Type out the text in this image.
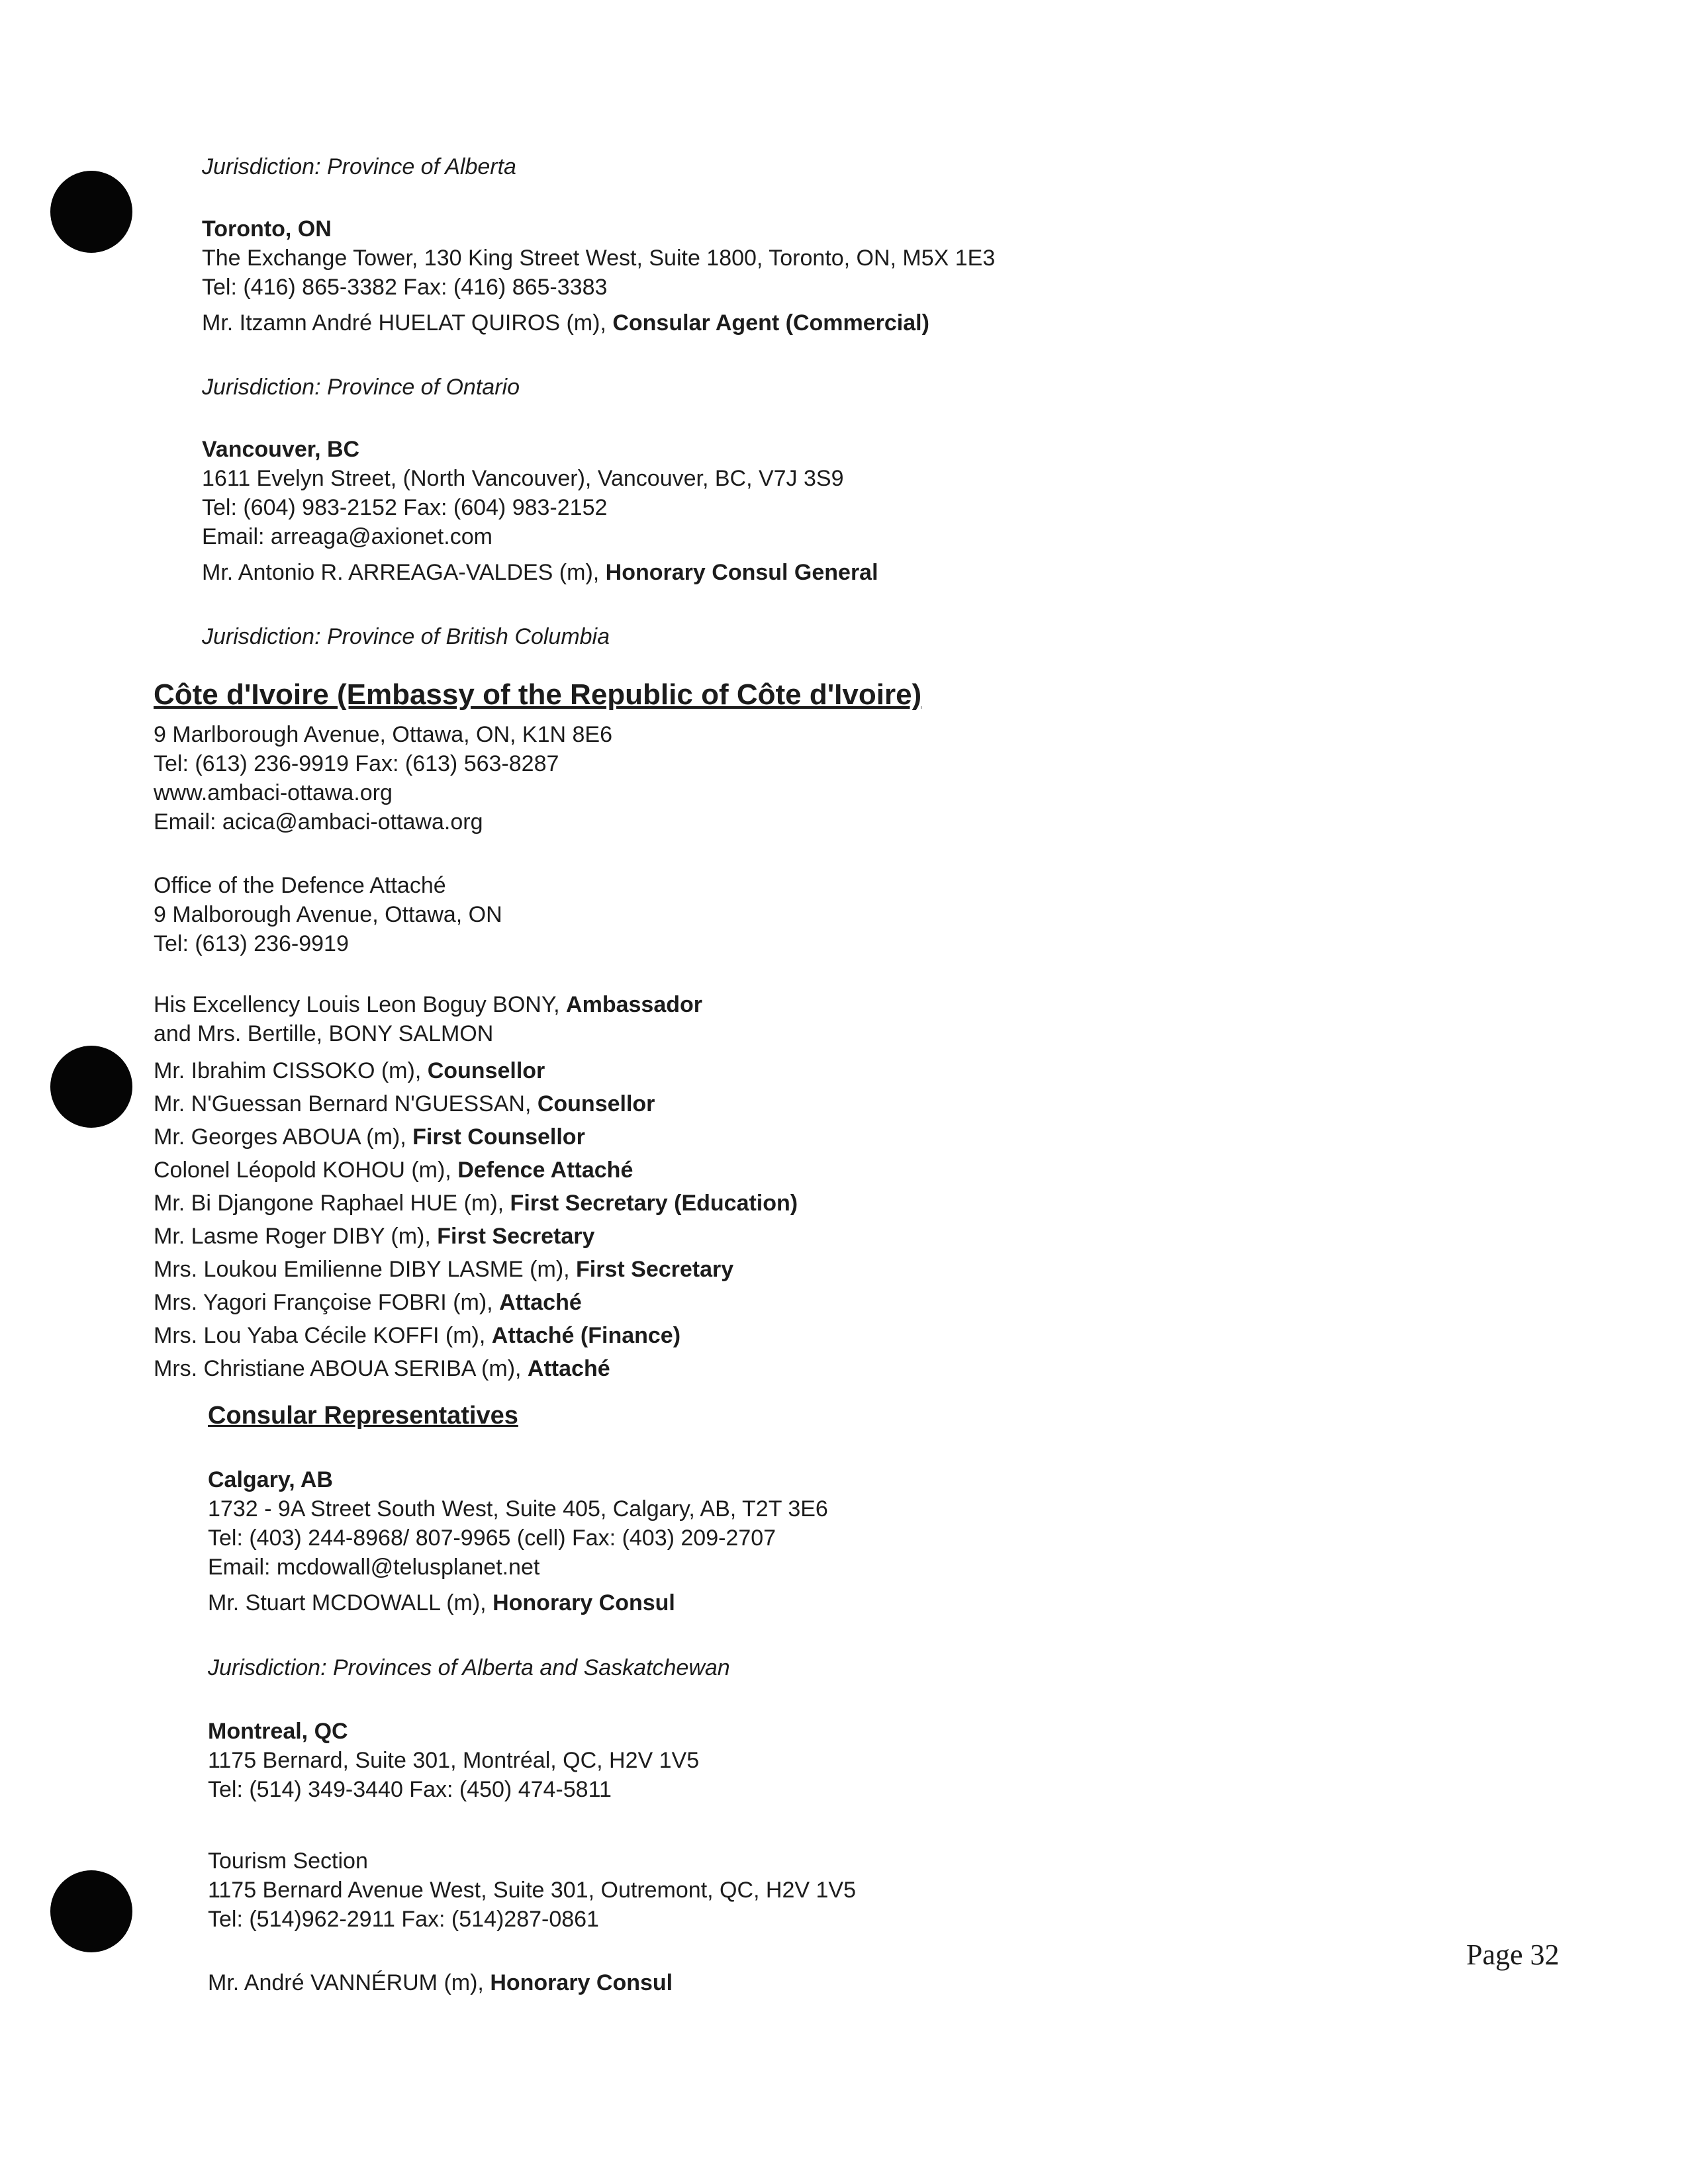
Jurisdiction: Province of Alberta
Toronto, ON
The Exchange Tower, 130 King Street West, Suite 1800, Toronto, ON, M5X 1E3
Tel: (416) 865-3382 Fax: (416) 865-3383
Mr. Itzamn André HUELAT QUIROS (m), Consular Agent (Commercial)
Jurisdiction: Province of Ontario
Vancouver, BC
1611 Evelyn Street, (North Vancouver), Vancouver, BC, V7J 3S9
Tel: (604) 983-2152 Fax: (604) 983-2152
Email: arreaga@axionet.com
Mr. Antonio R. ARREAGA-VALDES (m), Honorary Consul General
Jurisdiction: Province of British Columbia
Côte d'Ivoire (Embassy of the Republic of Côte d'Ivoire)
9 Marlborough Avenue, Ottawa, ON, K1N 8E6
Tel: (613) 236-9919 Fax: (613) 563-8287
www.ambaci-ottawa.org
Email: acica@ambaci-ottawa.org
Office of the Defence Attaché
9 Malborough Avenue, Ottawa, ON
Tel: (613) 236-9919
His Excellency Louis Leon Boguy BONY, Ambassador
and Mrs. Bertille, BONY SALMON
Mr. Ibrahim CISSOKO (m), Counsellor
Mr. N'Guessan Bernard N'GUESSAN, Counsellor
Mr. Georges ABOUA (m), First Counsellor
Colonel Léopold KOHOU (m), Defence Attaché
Mr. Bi Djangone Raphael HUE (m), First Secretary (Education)
Mr. Lasme Roger DIBY (m), First Secretary
Mrs. Loukou Emilienne DIBY LASME (m), First Secretary
Mrs. Yagori Françoise FOBRI (m), Attaché
Mrs. Lou Yaba Cécile KOFFI (m), Attaché (Finance)
Mrs. Christiane ABOUA SERIBA (m), Attaché
Consular Representatives
Calgary, AB
1732 - 9A Street South West, Suite 405, Calgary, AB, T2T 3E6
Tel: (403) 244-8968/ 807-9965 (cell) Fax: (403) 209-2707
Email: mcdowall@telusplanet.net
Mr. Stuart MCDOWALL (m), Honorary Consul
Jurisdiction: Provinces of Alberta and Saskatchewan
Montreal, QC
1175 Bernard, Suite 301, Montréal, QC, H2V 1V5
Tel: (514) 349-3440 Fax: (450) 474-5811
Tourism Section
1175 Bernard Avenue West, Suite 301, Outremont, QC, H2V 1V5
Tel: (514)962-2911 Fax: (514)287-0861
Mr. André VANNÉRUM (m), Honorary Consul
Page 32
